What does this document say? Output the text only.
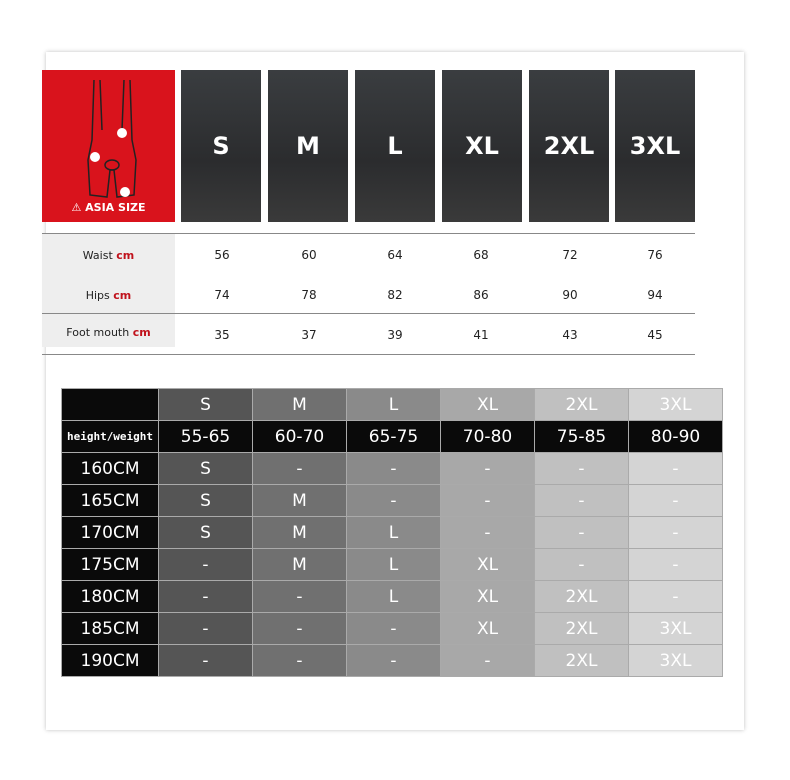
⚠ ASIA SIZE
S	M	L	XL	2XL	3XL
Waist cm	56	60	64	68	72	76
Hips cm	74	78	82	86	90	94
Foot mouth cm	35	37	39	41	43	45
	S	M	L	XL	2XL	3XL
height/weight	55-65	60-70	65-75	70-80	75-85	80-90
160CM	S	-	-	-	-	-
165CM	S	M	-	-	-	-
170CM	S	M	L	-	-	-
175CM	-	M	L	XL	-	-
180CM	-	-	L	XL	2XL	-
185CM	-	-	-	XL	2XL	3XL
190CM	-	-	-	-	2XL	3XL
